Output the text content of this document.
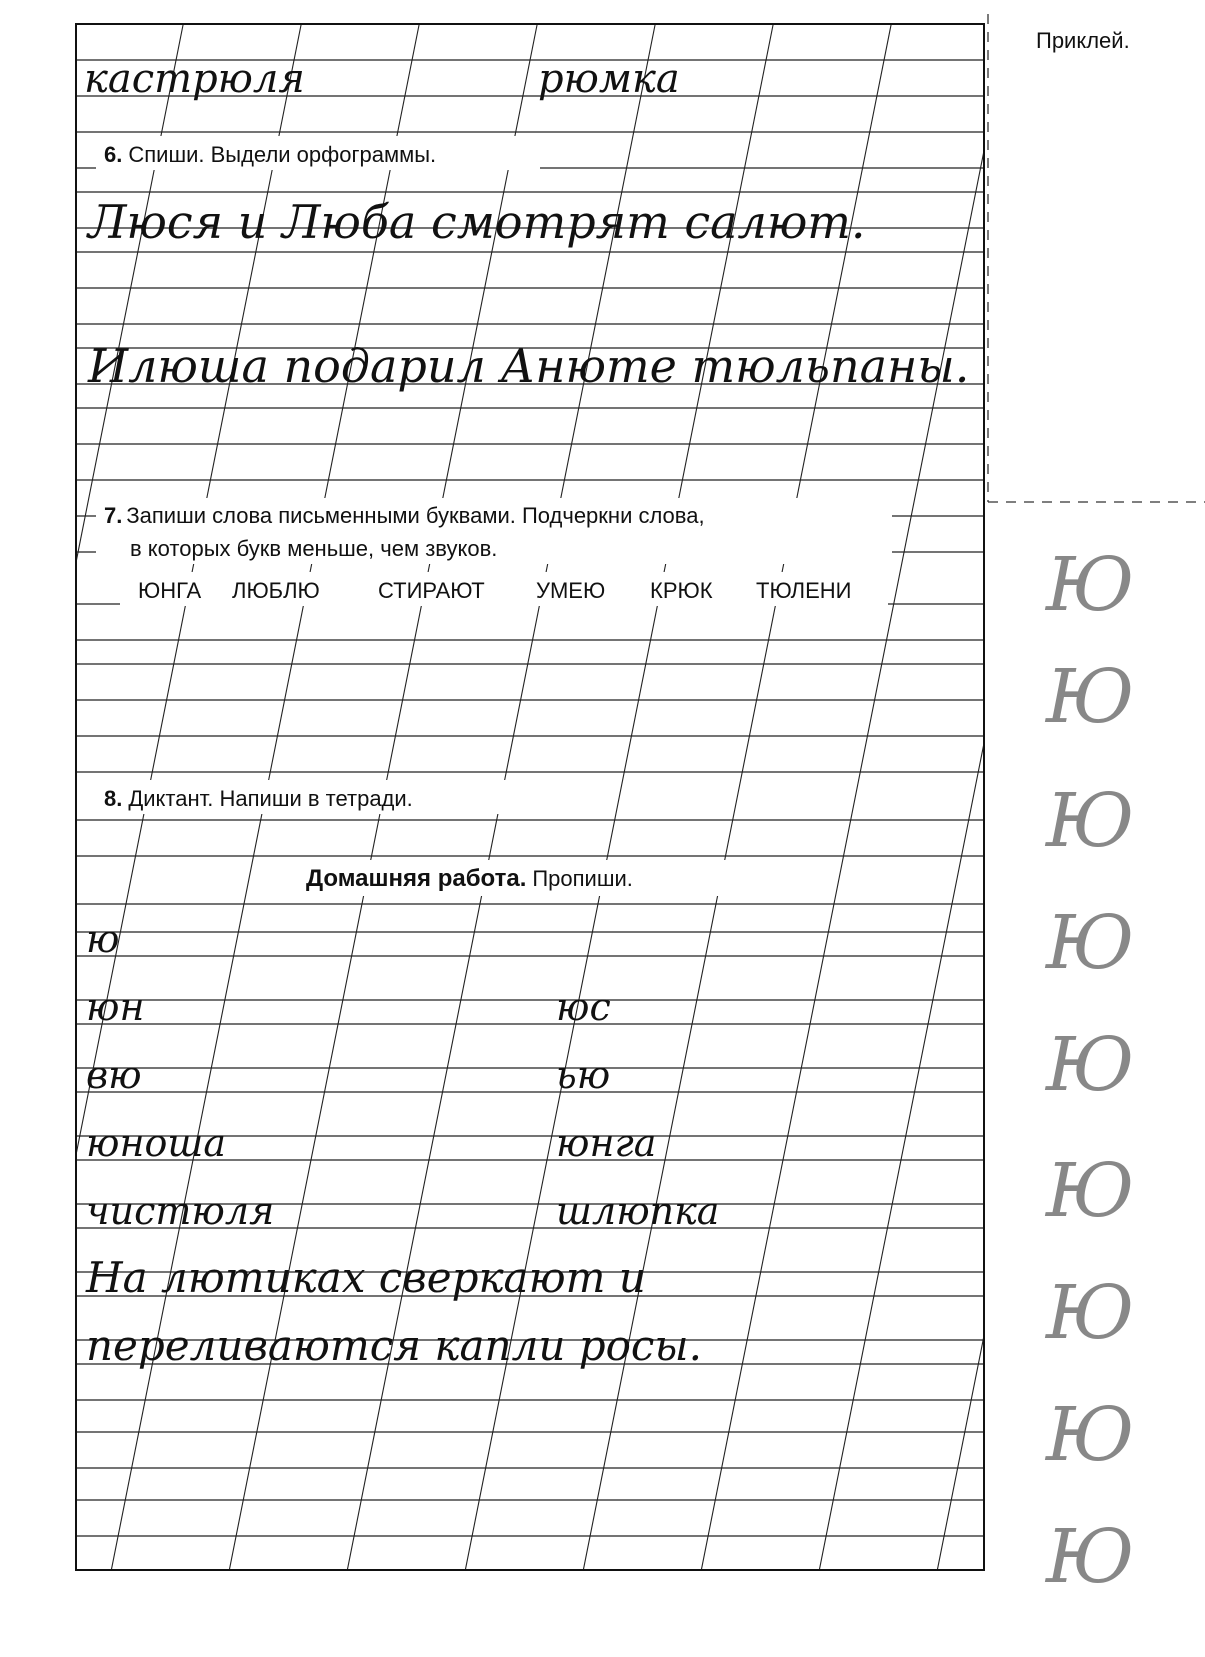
Приклей.
кастрюля	рюмка
6. Спиши. Выдели орфограммы.
Люся и Люба смотрят салют.
Илюша подарил Анюте тюльпаны.
7. Запиши слова письменными буквами. Подчеркни слова,
в которых букв меньше, чем звуков.
ЮНГА ЛЮБЛЮ	СТИРАЮТ УМЕЮ КРЮК ТЮЛЕНИ
8. Диктант. Напиши в тетради.
Домашняя работа. Пропиши.
ю
юн	юс
вю	ью
юноша	юнга
чистюля	шлюпка
На лютиках сверкают и
переливаются капли росы.
Ю
Ю
Ю
Ю
Ю
Ю
Ю
Ю
Ю
